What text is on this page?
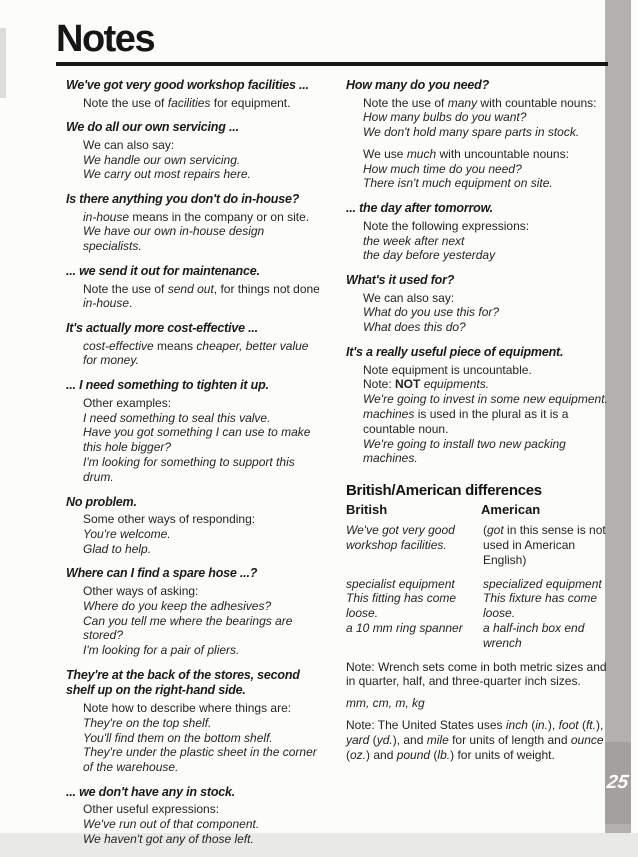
25
Notes
We've got very good workshop facilities ...

Note the use of facilities for equipment.

We do all our own servicing ...

We can also say:

We handle our own servicing.

We carry out most repairs here.

Is there anything you don't do in-house?

in-house means in the company or on site.

We have our own in-house design specialists.

... we send it out for maintenance.

Note the use of send out, for things not done in-house.

It's actually more cost-effective ...

cost-effective means cheaper, better value for money.

... I need something to tighten it up.

Other examples:

I need something to seal this valve.

Have you got something I can use to make this hole bigger?

I'm looking for something to support this drum.

No problem.

Some other ways of responding:

You're welcome.

Glad to help.

Where can I find a spare hose ...?

Other ways of asking:

Where do you keep the adhesives?

Can you tell me where the bearings are stored?

I'm looking for a pair of pliers.

They're at the back of the stores, second shelf up on the right-hand side.

Note how to describe where things are:

They're on the top shelf.

You'll find them on the bottom shelf.

They're under the plastic sheet in the corner of the warehouse.

... we don't have any in stock.

Other useful expressions:

We've run out of that component.

We haven't got any of those left.

How many do you need?

Note the use of many with countable nouns:

How many bulbs do you want?

We don't hold many spare parts in stock.

We use much with uncountable nouns:

How much time do you need?

There isn't much equipment on site.

... the day after tomorrow.

Note the following expressions:

the week after next

the day before yesterday

What's it used for?

We can also say:

What do you use this for?

What does this do?

It's a really useful piece of equipment.

Note equipment is uncountable.

Note: NOT equipments.

We're going to invest in some new equipment.

machines is used in the plural as it is a countable noun.

We're going to install two new packing machines.

British/American differences
British	American

We've got very good workshop facilities.

(got in this sense is not used in American English)

specialist equipment

This fitting has come loose.

a 10 mm ring spanner

specialized equipment

This fixture has come loose.

a half-inch box end wrench

Note: Wrench sets come in both metric sizes and in quarter, half, and three-quarter inch sizes.

mm, cm, m, kg

Note: The United States uses inch (in.), foot (ft.), yard (yd.), and mile for units of length and ounce (oz.) and pound (lb.) for units of weight.
